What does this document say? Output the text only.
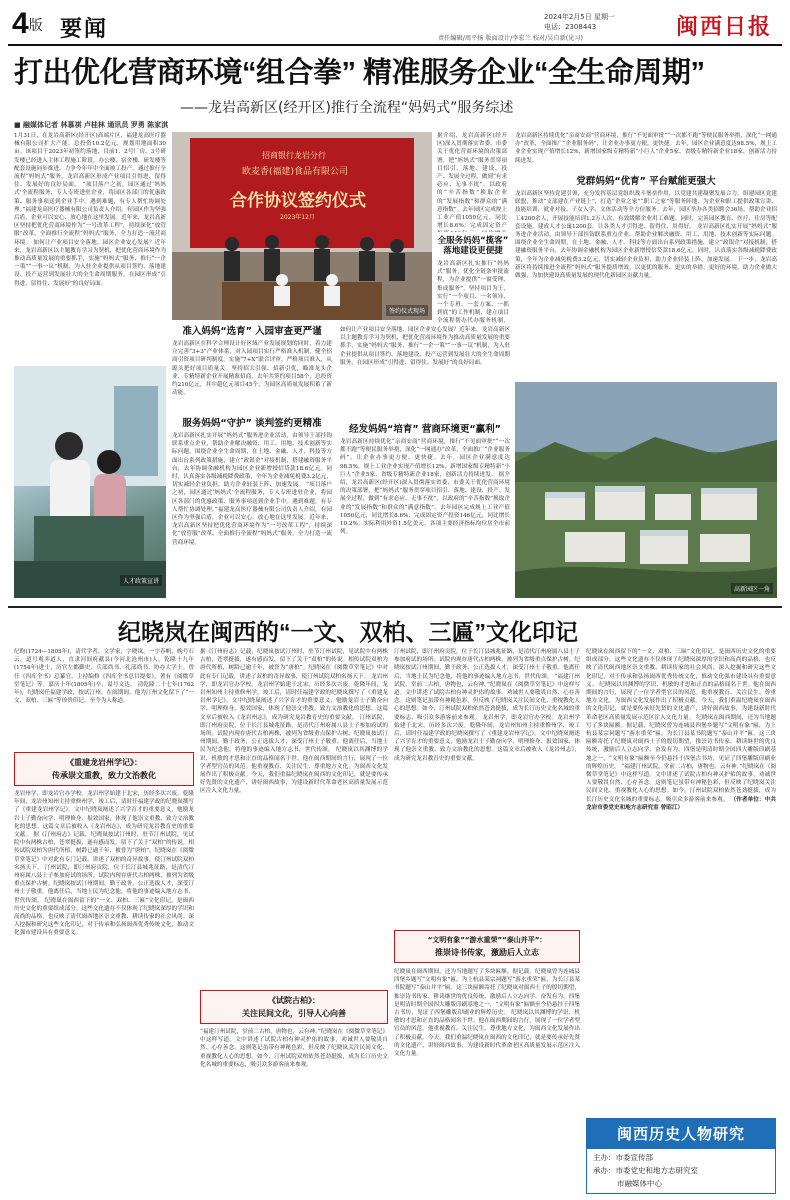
4版 要闻	2024年2月5日 星期一
电话：2308443
责任编辑/周平扬 版面设计/李宏兰 校对/吴自新(见习)	闽西日报
打出优化营商环境“组合拳” 精准服务企业“全生命周期”
——龙岩高新区(经开区)推行全流程“妈妈式”服务综述
■ 融媒体记者 林慕祺 卢桂林 通讯员 罗勇 陈家淇
1月31日，在龙岩高新区(经开区)高端片区，福建龙高医疗器械有限公司扩大产能，总投资10.2亿元，规划用地面积30亩。该项目于2023年初签约落地，目前1、2号厂房、3号研发楼已经进入主体工程施工阶段。办公楼、宿舍楼、研发楼等配套设施同步推进，力争今年年中全面竣工投产。通过推行全流程“妈妈式”服务，龙岩高新区形成产业项目引得进、留得住、发展好的良好局面。 “项目落户之初，园区通过‘妈妈式’全流程服务，专人专班进驻企业，将园区各部门的优惠政策、服务事项送到企业手中。遇到难题，有专人帮忙协调处理。”福建龙高医疗器械有限公司负责人介绍，有园区作为坚强后盾，企业可以安心、放心地在这里发展。近年来，龙岩高新区坚持把优化营商环境作为“一号改革工程”，持续深化“放管服”改革，全面推行全流程“妈妈式”服务，全力打造一流营商环境。 如何让产业项目安全落地、园区企业安心发展？近年来，龙岩高新区以主题教育学习为契机，把优化营商环境作为推动高质量发展的重要抓手，实施“妈妈式”服务，推行“一企一策”“一事一议”机制，为入驻企业提供从项目签约、落地建设、投产运营到发展壮大的全生命周期服务，在园区形成“引得进、留得住、发展好”的良好局面。
人才政策宣讲
招商银行龙岩分行
欧麦香(福建)食品有限公司
合作协议签约仪式
2023年12月
签约仪式现场
据介绍，龙岩高新区(经开区)深入贯彻落实省委、市委关于优化营商环境的决策部署，把“妈妈式”服务贯穿项目招引、落地、建设、投产、发展全过程，做到“有求必应、无事不扰”，以政府的“辛苦指数”换取企业的“发展指数”和群众的“满意指数”。去年园区完成规上工业产值1050亿元，同比增长8.6%；完成固定资产
全服务妈妈“揽客” 落地建设更便捷
龙岩高新区扎实推行“妈妈式”服务，优化全链条审批流程，为企业提供“一窗受理、集成服务”。坚持项目为王，实行“一个项目、一名领导、一个专班、一套方案、一抓到底”的工作机制，建立项目全流程帮办代办服务机制，
准入妈妈“选育” 入园审查更严谨
龙岩高新区在科学合理设计好区域产业发展规划的同时，着力建立完善“3+3”产业体系，对入园项目实行严格准入机制，健全招商引资项目研判制度，实施“7+X”联合评审，严格项目准入，从源头把好项目质量关。坚持招大引强、招新引优，瞄准龙头企业、专精特新企业开展精准招商，去年共签约项目58个，总投资约210亿元，其中超亿元项目45个，为园区高质量发展积蓄了新动能。
服务妈妈“守护” 谈判签约更精准
龙岩高新区扎实开展“妈妈式”服务进企业活动，由领导干部挂钩联系重点企业，帮助企业解决融资、用工、用地、技术创新等实际问题。围绕企业全生命周期，在土地、金融、人才、科技等方面出台系列政策措施，建立“政银企”对接机制，搭建融资服务平台，去年协调金融机构为园区企业新增授信贷款18.6亿元。同时，认真落实各级减税降费政策，全年为企业减免税费3.2亿元，切实减轻企业负担，助力企业轻装上阵、加速发展。 “项目落户之初，园区通过‘妈妈式’全流程服务，专人专班进驻企业，将园区各部门的优惠政策、服务事项送到企业手中。遇到难题，有专人帮忙协调处理。”福建龙高医疗器械有限公司负责人介绍，有园区作为坚强后盾，企业可以安心、放心地在这里发展。近年来，龙岩高新区坚持把优化营商环境作为“一号改革工程”，持续深化“放管服”改革，全面推行全流程“妈妈式”服务，全力打造一流营商环境。
如何让产业项目安全落地、园区企业安心发展？近年来，龙岩高新区以主题教育学习为契机，把优化营商环境作为推动高质量发展的重要抓手，实施“妈妈式”服务，推行“一企一策”“一事一议”机制，为入驻企业提供从项目签约、落地建设、投产运营到发展壮大的全生命周期服务，在园区形成“引得进、留得住、发展好”的良好局面。
经发妈妈“培育” 营商环境更“赢利”
龙岩高新区持续优化“亲商安商”营商环境，推行“不见面审批”“一次都不跑”等便民服务举措，深化“一网通办”改革，全面推广“企业服务码”，让企业办事更方便、更快捷。去年，园区企业满意度达98.5%，规上工业企业实现产值增长12%，新增国家级专精特新“小巨人”企业5家、省级专精特新企业18家，创新活力持续迸发。 据介绍，龙岩高新区(经开区)深入贯彻落实省委、市委关于优化营商环境的决策部署，把“妈妈式”服务贯穿项目招引、落地、建设、投产、发展全过程，做到“有求必应、无事不扰”，以政府的“辛苦指数”换取企业的“发展指数”和群众的“满意指数”。去年园区完成规上工业产值1050亿元，同比增长8.6%；完成固定资产投资146亿元，同比增长10.2%；实际利用外资1.5亿美元，各项主要经济指标均位居全市前列。
龙岩高新区持续优化“亲商安商”营商环境，推行“不见面审批”“一次都不跑”等便民服务举措，深化“一网通办”改革，全面推广“企业服务码”，让企业办事更方便、更快捷。去年，园区企业满意度达98.5%，规上工业企业实现产值增长12%，新增国家级专精特新“小巨人”企业5家、省级专精特新企业18家，创新活力持续迸发。
党群妈妈“优育” 平台赋能更强大
龙岩高新区坚持党建引领，充分发挥基层党组织战斗堡垒作用，以党建共建凝聚发展合力。组建园区党建联盟，推动“支部建在产业链上”，打造“企业之家”“职工之家”等服务阵地，为企业和职工提供政策宣讲、技能培训、就业对接、子女入学、文体活动等全方位服务。去年，园区举办各类招聘会36场，帮助企业招工4200余人，开展技能培训1.2万人次，有效缓解企业用工难题。同时，完善园区教育、医疗、住房等配套设施，建成人才公寓1200套，让各类人才引得进、留得住、用得好。 龙岩高新区扎实开展“妈妈式”服务进企业活动，由领导干部挂钩联系重点企业，帮助企业解决融资、用工、用地、技术创新等实际问题。围绕企业全生命周期，在土地、金融、人才、科技等方面出台系列政策措施，建立“政银企”对接机制，搭建融资服务平台，去年协调金融机构为园区企业新增授信贷款18.6亿元。同时，认真落实各级减税降费政策，全年为企业减免税费3.2亿元，切实减轻企业负担，助力企业轻装上阵、加速发展。 下一步，龙岩高新区将持续推进全流程“妈妈式”服务提质增效，以更优的服务、更实的举措、更好的环境，助力企业做大做强，为加快建设高质量发展的现代化新园区贡献力量。
高新园区一角
纪晓岚在闽西的“一文、双柏、三匾”文化印记
纪昀(1724—1805年)，清代学者、文学家，字晓岚，一字春帆，晚号石云，道号观弈道人，直隶河间府献县(今河北沧州市)人。乾隆十九年(1754年)进士，历官左都御史、兵部尚书、礼部尚书、协办大学士。曾任《四库全书》总纂官，主持编修《四库全书总目提要》，著有《阅微草堂笔记》等。嘉庆十年(1805年)卒，谥号文达。 清乾隆二十七年(1762年)，纪晓岚任福建学政，按试汀州。在闽期间，他为汀州文化留下了“一文、双柏、三匾”等珍贵印记，至今为人称道。
《重建龙岩州学记》：
传承崇文重教，致力文治教化
龙岩州学，即龙岩官办学校。龙岩州学始建于北宋，历经多次兴废。乾隆年间，龙岩州知州主持重修州学，竣工后，请时任福建学政的纪晓岚撰写了《重建龙岩州学记》。文中纪晓岚阐述了兴学育才的重要意义，勉励龙岩士子勤奋向学、明理修身、报效国家，体现了他崇文重教、致力文治教化的思想。这篇文章后被收入《龙岩州志》，成为研究龙岩教育史的重要文献。 据《汀州府志》记载，纪晓岚按试汀州时，驻节汀州试院，见试院中有两株古柏，苍翠挺拔，遂有感而发，留下了关于“双柏”的传说。相传试院双柏为唐代所植，树龄已逾千年，被誉为“唐柏”。纪晓岚在《阅微草堂笔记》中对此有专门记载，讲述了双柏的奇异故事，使汀州试院双柏名扬天下。 汀州试院，即汀州府贡院，位于长汀县城兆征路，是清代汀州府属八县士子参加府试的场所。试院内现存唐代古柏两株，被列为省级重点保护古树。纪晓岚按试汀州期间，勤于政务，公正选拔人才，深受汀州士子敬重。他离任后，当地士民为纪念他，将他的事迹编入地方志书，世代传颂。 纪晓岚在闽西留下的“一文、双柏、三匾”文化印记，是闽西历史文化的重要组成部分。这些文化遗存不仅体现了纪晓岚深厚的学识和高尚的品格，也反映了清代闽西地区崇文重教、耕读传家的社会风尚。深入挖掘和研究这些文化印记，对于传承和弘扬闽西优秀传统文化，推动文化强市建设具有重要意义。
据《汀州府志》记载，纪晓岚按试汀州时，驻节汀州试院，见试院中有两株古柏，苍翠挺拔，遂有感而发，留下了关于“双柏”的传说。相传试院双柏为唐代所植，树龄已逾千年，被誉为“唐柏”。纪晓岚在《阅微草堂笔记》中对此有专门记载，讲述了双柏的奇异故事，使汀州试院双柏名扬天下。 龙岩州学，即龙岩官办学校。龙岩州学始建于北宋，历经多次兴废。乾隆年间，龙岩州知州主持重修州学，竣工后，请时任福建学政的纪晓岚撰写了《重建龙岩州学记》。文中纪晓岚阐述了兴学育才的重要意义，勉励龙岩士子勤奋向学、明理修身、报效国家，体现了他崇文重教、致力文治教化的思想。这篇文章后被收入《龙岩州志》，成为研究龙岩教育史的重要文献。 汀州试院，即汀州府贡院，位于长汀县城兆征路，是清代汀州府属八县士子参加府试的场所。试院内现存唐代古柏两株，被列为省级重点保护古树。纪晓岚按试汀州期间，勤于政务，公正选拔人才，深受汀州士子敬重。他离任后，当地士民为纪念他，将他的事迹编入地方志书，世代传颂。 纪晓岚以其渊博的学识、机敏的才思和正直的品格闻名于世。他在闽西期间的言行，展现了一位学者型官员的风范。他重视教育、关注民生、尊重地方文化，为闽西文化发展作出了积极贡献。今天，我们重温纪晓岚在闽西的文化印记，就是要传承好先贤的文化遗产，讲好闽西故事，为建设新时代革命老区高质量发展示范区注入文化力量。
《试院古柏》：
关注民间文化，引导人心向善
“福建汀州试院，堂前二古柏，唐物也，云有神。”纪晓岚在《阅微草堂笔记》中这样写道。文中讲述了试院古柏有神灵护佑的故事，劝诫世人要敬畏自然、心存善念。这则笔记虽带有神秘色彩，但反映了纪晓岚关注民间文化、重视教化人心的思想。如今，汀州试院双柏依然苍劲挺拔，成为长汀历史文化名城的重要标志，吸引众多游客前来参观。
汀州试院，即汀州府贡院，位于长汀县城兆征路，是清代汀州府属八县士子参加府试的场所。试院内现存唐代古柏两株，被列为省级重点保护古树。纪晓岚按试汀州期间，勤于政务，公正选拔人才，深受汀州士子敬重。他离任后，当地士民为纪念他，将他的事迹编入地方志书，世代传颂。 “福建汀州试院，堂前二古柏，唐物也，云有神。”纪晓岚在《阅微草堂笔记》中这样写道。文中讲述了试院古柏有神灵护佑的故事，劝诫世人要敬畏自然、心存善念。这则笔记虽带有神秘色彩，但反映了纪晓岚关注民间文化、重视教化人心的思想。如今，汀州试院双柏依然苍劲挺拔，成为长汀历史文化名城的重要标志，吸引众多游客前来参观。 龙岩州学，即龙岩官办学校。龙岩州学始建于北宋，历经多次兴废。乾隆年间，龙岩州知州主持重修州学，竣工后，请时任福建学政的纪晓岚撰写了《重建龙岩州学记》。文中纪晓岚阐述了兴学育才的重要意义，勉励龙岩士子勤奋向学、明理修身、报效国家，体现了他崇文重教、致力文治教化的思想。这篇文章后被收入《龙岩州志》，成为研究龙岩教育史的重要文献。
“文明有象”“游水重荣”“泰山并平”：
推崇诗书传家，激励后人立志
纪晓岚在闽西期间，还为当地题写了多块匾额。据记载，纪晓岚曾为连城县四堡乡题写“文明有象”匾，为上杭县某宗祠题写“游水重荣”匾，为长汀县某书院题写“泰山并平”匾。这三块匾额寄托了纪晓岚对闽西士子的殷切期望，推崇诗书传家、耕读继世的优良传统，激励后人立志向学、奋发有为。四堡是明清时期全国四大雕版印刷基地之一，“文明有象”匾额至今仍悬挂于四堡古书坊，见证了四堡雕版印刷业的辉煌历史。 纪晓岚以其渊博的学识、机敏的才思和正直的品格闻名于世。他在闽西期间的言行，展现了一位学者型官员的风范。他重视教育、关注民生、尊重地方文化，为闽西文化发展作出了积极贡献。今天，我们重温纪晓岚在闽西的文化印记，就是要传承好先贤的文化遗产，讲好闽西故事，为建设新时代革命老区高质量发展示范区注入文化力量。
纪晓岚在闽西留下的“一文、双柏、三匾”文化印记，是闽西历史文化的重要组成部分。这些文化遗存不仅体现了纪晓岚深厚的学识和高尚的品格，也反映了清代闽西地区崇文重教、耕读传家的社会风尚。深入挖掘和研究这些文化印记，对于传承和弘扬闽西优秀传统文化，推动文化强市建设具有重要意义。 纪晓岚以其渊博的学识、机敏的才思和正直的品格闻名于世。他在闽西期间的言行，展现了一位学者型官员的风范。他重视教育、关注民生、尊重地方文化，为闽西文化发展作出了积极贡献。今天，我们重温纪晓岚在闽西的文化印记，就是要传承好先贤的文化遗产，讲好闽西故事，为建设新时代革命老区高质量发展示范区注入文化力量。 纪晓岚在闽西期间，还为当地题写了多块匾额。据记载，纪晓岚曾为连城县四堡乡题写“文明有象”匾，为上杭县某宗祠题写“游水重荣”匾，为长汀县某书院题写“泰山并平”匾。这三块匾额寄托了纪晓岚对闽西士子的殷切期望，推崇诗书传家、耕读继世的优良传统，激励后人立志向学、奋发有为。四堡是明清时期全国四大雕版印刷基地之一，“文明有象”匾额至今仍悬挂于四堡古书坊，见证了四堡雕版印刷业的辉煌历史。 “福建汀州试院，堂前二古柏，唐物也，云有神。”纪晓岚在《阅微草堂笔记》中这样写道。文中讲述了试院古柏有神灵护佑的故事，劝诫世人要敬畏自然、心存善念。这则笔记虽带有神秘色彩，但反映了纪晓岚关注民间文化、重视教化人心的思想。如今，汀州试院双柏依然苍劲挺拔，成为长汀历史文化名城的重要标志，吸引众多游客前来参观。 （作者单位：中共龙岩市委党史和地方志研究室 曾昭江）
闽西历史人物研究
主办：市委宣传部
承办：市委党史和地方志研究室
市融媒体中心
